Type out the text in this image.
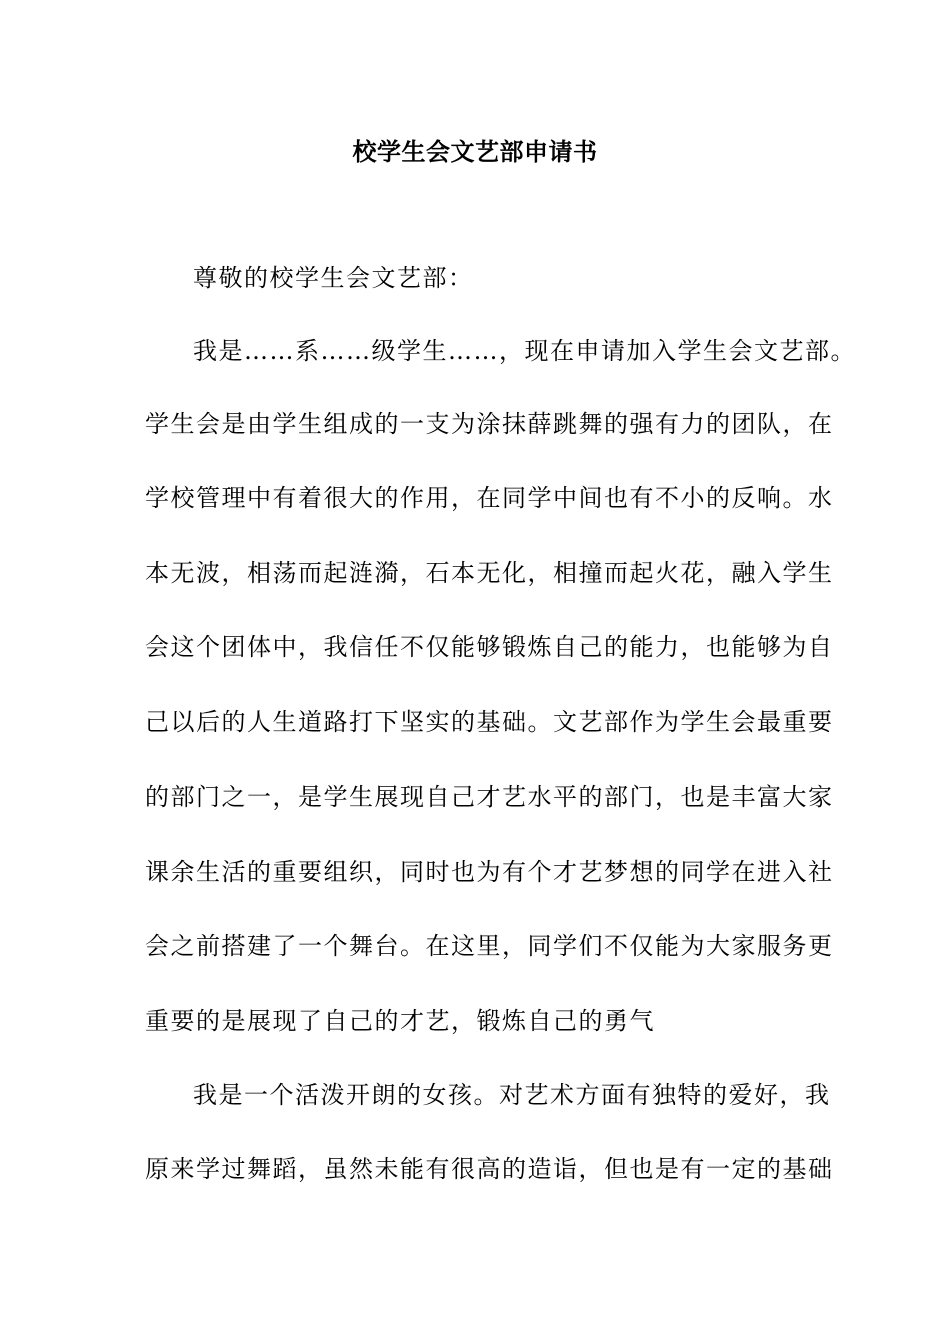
校学生会文艺部申请书
尊敬的校学生会文艺部：
我是……系……级学生……，现在申请加入学生会文艺部。
学生会是由学生组成的一支为涂抹薛跳舞的强有力的团队，在
学校管理中有着很大的作用，在同学中间也有不小的反响。水
本无波，相荡而起涟漪，石本无化，相撞而起火花，融入学生
会这个团体中，我信任不仅能够锻炼自己的能力，也能够为自
己以后的人生道路打下坚实的基础。文艺部作为学生会最重要
的部门之一，是学生展现自己才艺水平的部门，也是丰富大家
课余生活的重要组织，同时也为有个才艺梦想的同学在进入社
会之前搭建了一个舞台。在这里，同学们不仅能为大家服务更
重要的是展现了自己的才艺，锻炼自己的勇气
我是一个活泼开朗的女孩。对艺术方面有独特的爱好，我
原来学过舞蹈，虽然未能有很高的造诣，但也是有一定的基础
